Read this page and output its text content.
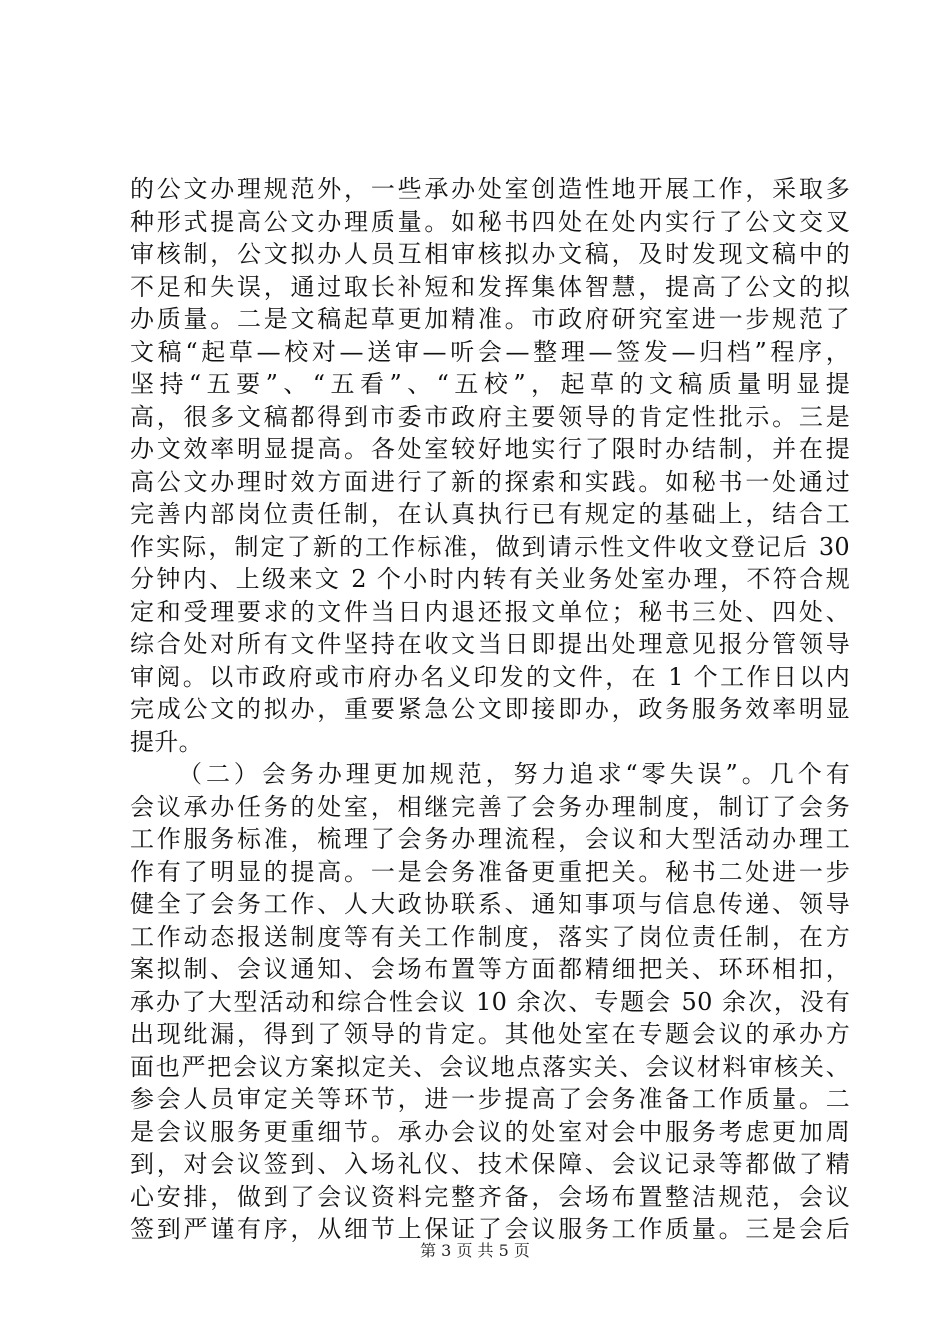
的公文办理规范外，一些承办处室创造性地开展工作，采取多
种形式提高公文办理质量。如秘书四处在处内实行了公文交叉
审核制，公文拟办人员互相审核拟办文稿，及时发现文稿中的
不足和失误，通过取长补短和发挥集体智慧，提高了公文的拟
办质量。二是文稿起草更加精准。市政府研究室进一步规范了
文稿“起草—校对—送审—听会—整理—签发—归档”程序，
坚持“五要”、“五看”、“五校”，起草的文稿质量明显提
高，很多文稿都得到市委市政府主要领导的肯定性批示。三是
办文效率明显提高。各处室较好地实行了限时办结制，并在提
高公文办理时效方面进行了新的探索和实践。如秘书一处通过
完善内部岗位责任制，在认真执行已有规定的基础上，结合工
作实际，制定了新的工作标准，做到请示性文件收文登记后 30
分钟内、上级来文 2 个小时内转有关业务处室办理，不符合规
定和受理要求的文件当日内退还报文单位；秘书三处、四处、
综合处对所有文件坚持在收文当日即提出处理意见报分管领导
审阅。以市政府或市府办名义印发的文件，在 1 个工作日以内
完成公文的拟办，重要紧急公文即接即办，政务服务效率明显
提升。
（二）会务办理更加规范，努力追求“零失误”。几个有
会议承办任务的处室，相继完善了会务办理制度，制订了会务
工作服务标准，梳理了会务办理流程，会议和大型活动办理工
作有了明显的提高。一是会务准备更重把关。秘书二处进一步
健全了会务工作、人大政协联系、通知事项与信息传递、领导
工作动态报送制度等有关工作制度，落实了岗位责任制，在方
案拟制、会议通知、会场布置等方面都精细把关、环环相扣，
承办了大型活动和综合性会议 10 余次、专题会 50 余次，没有
出现纰漏，得到了领导的肯定。其他处室在专题会议的承办方
面也严把会议方案拟定关、会议地点落实关、会议材料审核关、
参会人员审定关等环节，进一步提高了会务准备工作质量。二
是会议服务更重细节。承办会议的处室对会中服务考虑更加周
到，对会议签到、入场礼仪、技术保障、会议记录等都做了精
心安排，做到了会议资料完整齐备，会场布置整洁规范，会议
签到严谨有序，从细节上保证了会议服务工作质量。三是会后
第 3 页 共 5 页
